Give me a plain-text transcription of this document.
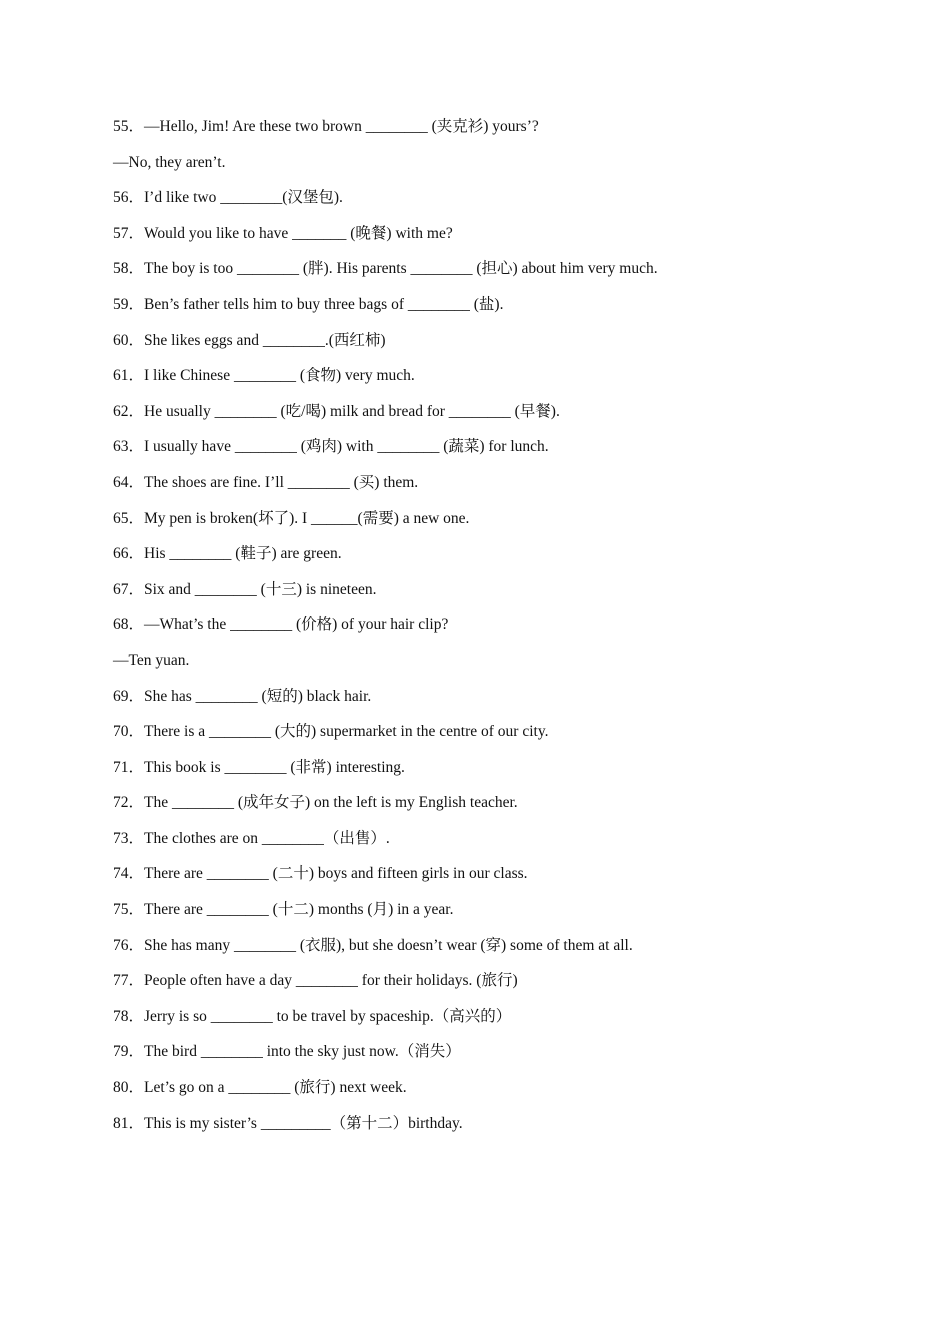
55．—Hello, Jim! Are these two brown ________ (夹克衫) yours’?
—No, they aren’t.
56．I’d like two ________(汉堡包).
57．Would you like to have _______ (晚餐) with me?
58．The boy is too ________ (胖). His parents ________ (担心) about him very much.
59．Ben’s father tells him to buy three bags of ________ (盐).
60．She likes eggs and ________.(西红柿)
61．I like Chinese ________ (食物) very much.
62．He usually ________ (吃/喝) milk and bread for ________ (早餐).
63．I usually have ________ (鸡肉) with ________ (蔬菜) for lunch.
64．The shoes are fine. I’ll ________ (买) them.
65．My pen is broken(坏了). I ______(需要) a new one.
66．His ________ (鞋子) are green.
67．Six and ________ (十三) is nineteen.
68．—What’s the ________ (价格) of your hair clip?
—Ten yuan.
69．She has ________ (短的) black hair.
70．There is a ________ (大的) supermarket in the centre of our city.
71．This book is ________ (非常) interesting.
72．The ________ (成年女子) on the left is my English teacher.
73．The clothes are on ________（出售）.
74．There are ________ (二十) boys and fifteen girls in our class.
75．There are ________ (十二) months (月) in a year.
76．She has many ________ (衣服), but she doesn’t wear (穿) some of them at all.
77．People often have a day ________ for their holidays. (旅行)
78．Jerry is so ________ to be travel by spaceship.（高兴的）
79．The bird ________ into the sky just now.（消失）
80．Let’s go on a ________ (旅行) next week.
81．This is my sister’s _________（第十二）birthday.
